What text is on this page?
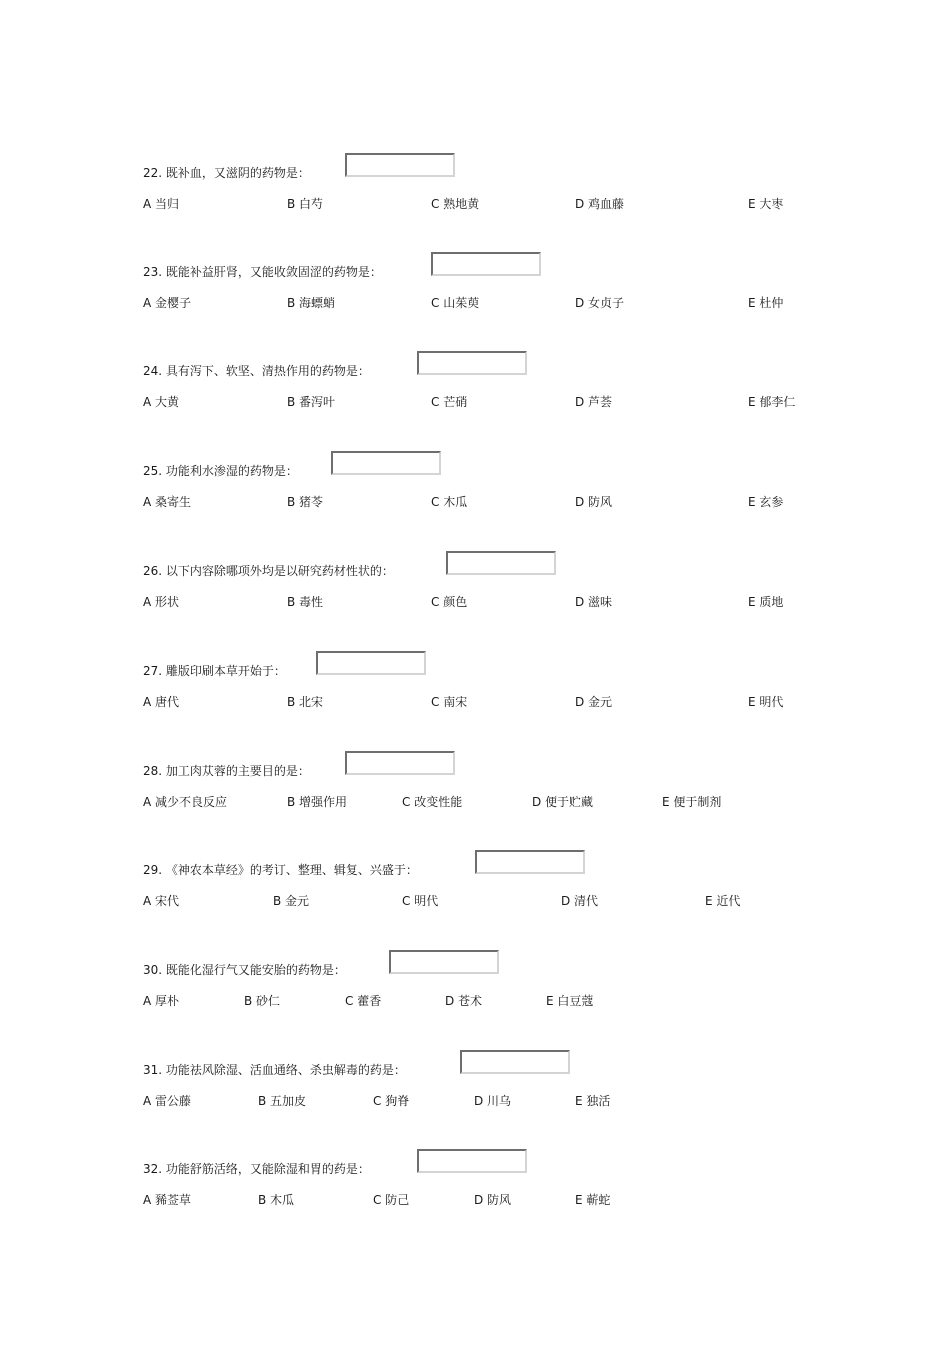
22. 既补血，又滋阴的药物是：
A 当归	B 白芍	C 熟地黄	D 鸡血藤	E 大枣
23. 既能补益肝肾，又能收敛固涩的药物是：
A 金樱子	B 海螵蛸	C 山茱萸	D 女贞子	E 杜仲
24. 具有泻下、软坚、清热作用的药物是：
A 大黄	B 番泻叶	C 芒硝	D 芦荟	E 郁李仁
25. 功能利水渗湿的药物是：
A 桑寄生	B 猪苓	C 木瓜	D 防风	E 玄参
26. 以下内容除哪项外均是以研究药材性状的：
A 形状	B 毒性	C 颜色	D 滋味	E 质地
27. 雕版印刷本草开始于：
A 唐代	B 北宋	C 南宋	D 金元	E 明代
28. 加工肉苁蓉的主要目的是：
A 减少不良反应	B 增强作用	C 改变性能	D 便于贮藏	E 便于制剂
29. 《神农本草经》的考订、整理、辑复、兴盛于：
A 宋代	B 金元	C 明代	D 清代	E 近代
30. 既能化湿行气又能安胎的药物是：
A 厚朴	B 砂仁	C 藿香	D 苍术	E 白豆蔻
31. 功能祛风除湿、活血通络、杀虫解毒的药是：
A 雷公藤	B 五加皮	C 狗脊	D 川乌	E 独活
32. 功能舒筋活络，又能除湿和胃的药是：
A 豨莶草	B 木瓜	C 防己	D 防风	E 蕲蛇
